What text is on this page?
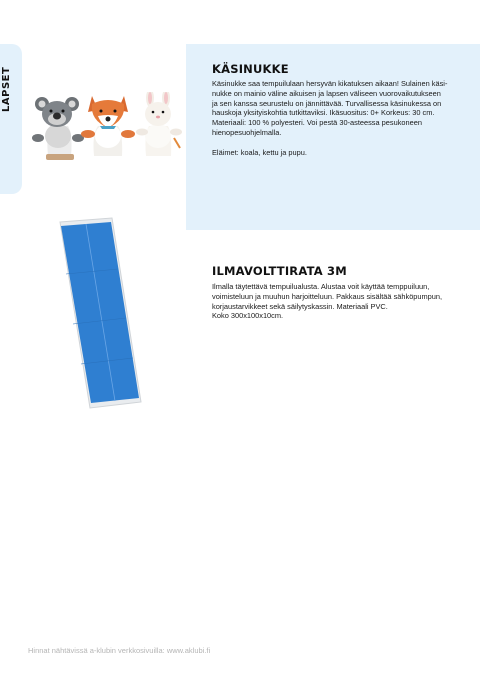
LAPSET	KÄSINUKKE

Käsinukke saa tempuilulaan hersyvän kikatuksen aikaan! Sulainen käsi-
nukke on mainio väline aikuisen ja lapsen väliseen vuorovaikutukseen
ja sen kanssa seurustelu on jännittävää. Turvallisessa käsinukessa on
hauskoja yksityiskohtia tutkittaviksi. Ikäsuositus: 0+ Korkeus: 30 cm.
Materiaali: 100 % polyesteri. Voi pestä 30-asteessa pesukoneen
hienopesuohjelmalla.

Eläimet: koala, kettu ja pupu.

ILMAVOLTTIRATA 3M

Ilmalla täytettävä tempuilualusta. Alustaa voit käyttää temppuiluun,
voimisteluun ja muuhun harjoitteluun. Pakkaus sisältää sähköpumpun,
korjaustarvikkeet sekä säilytyskassin. Materiaali PVC.
Koko 300x100x10cm.

Hinnat nähtävissä a-klubin verkkosivuilla: www.aklubi.fi
